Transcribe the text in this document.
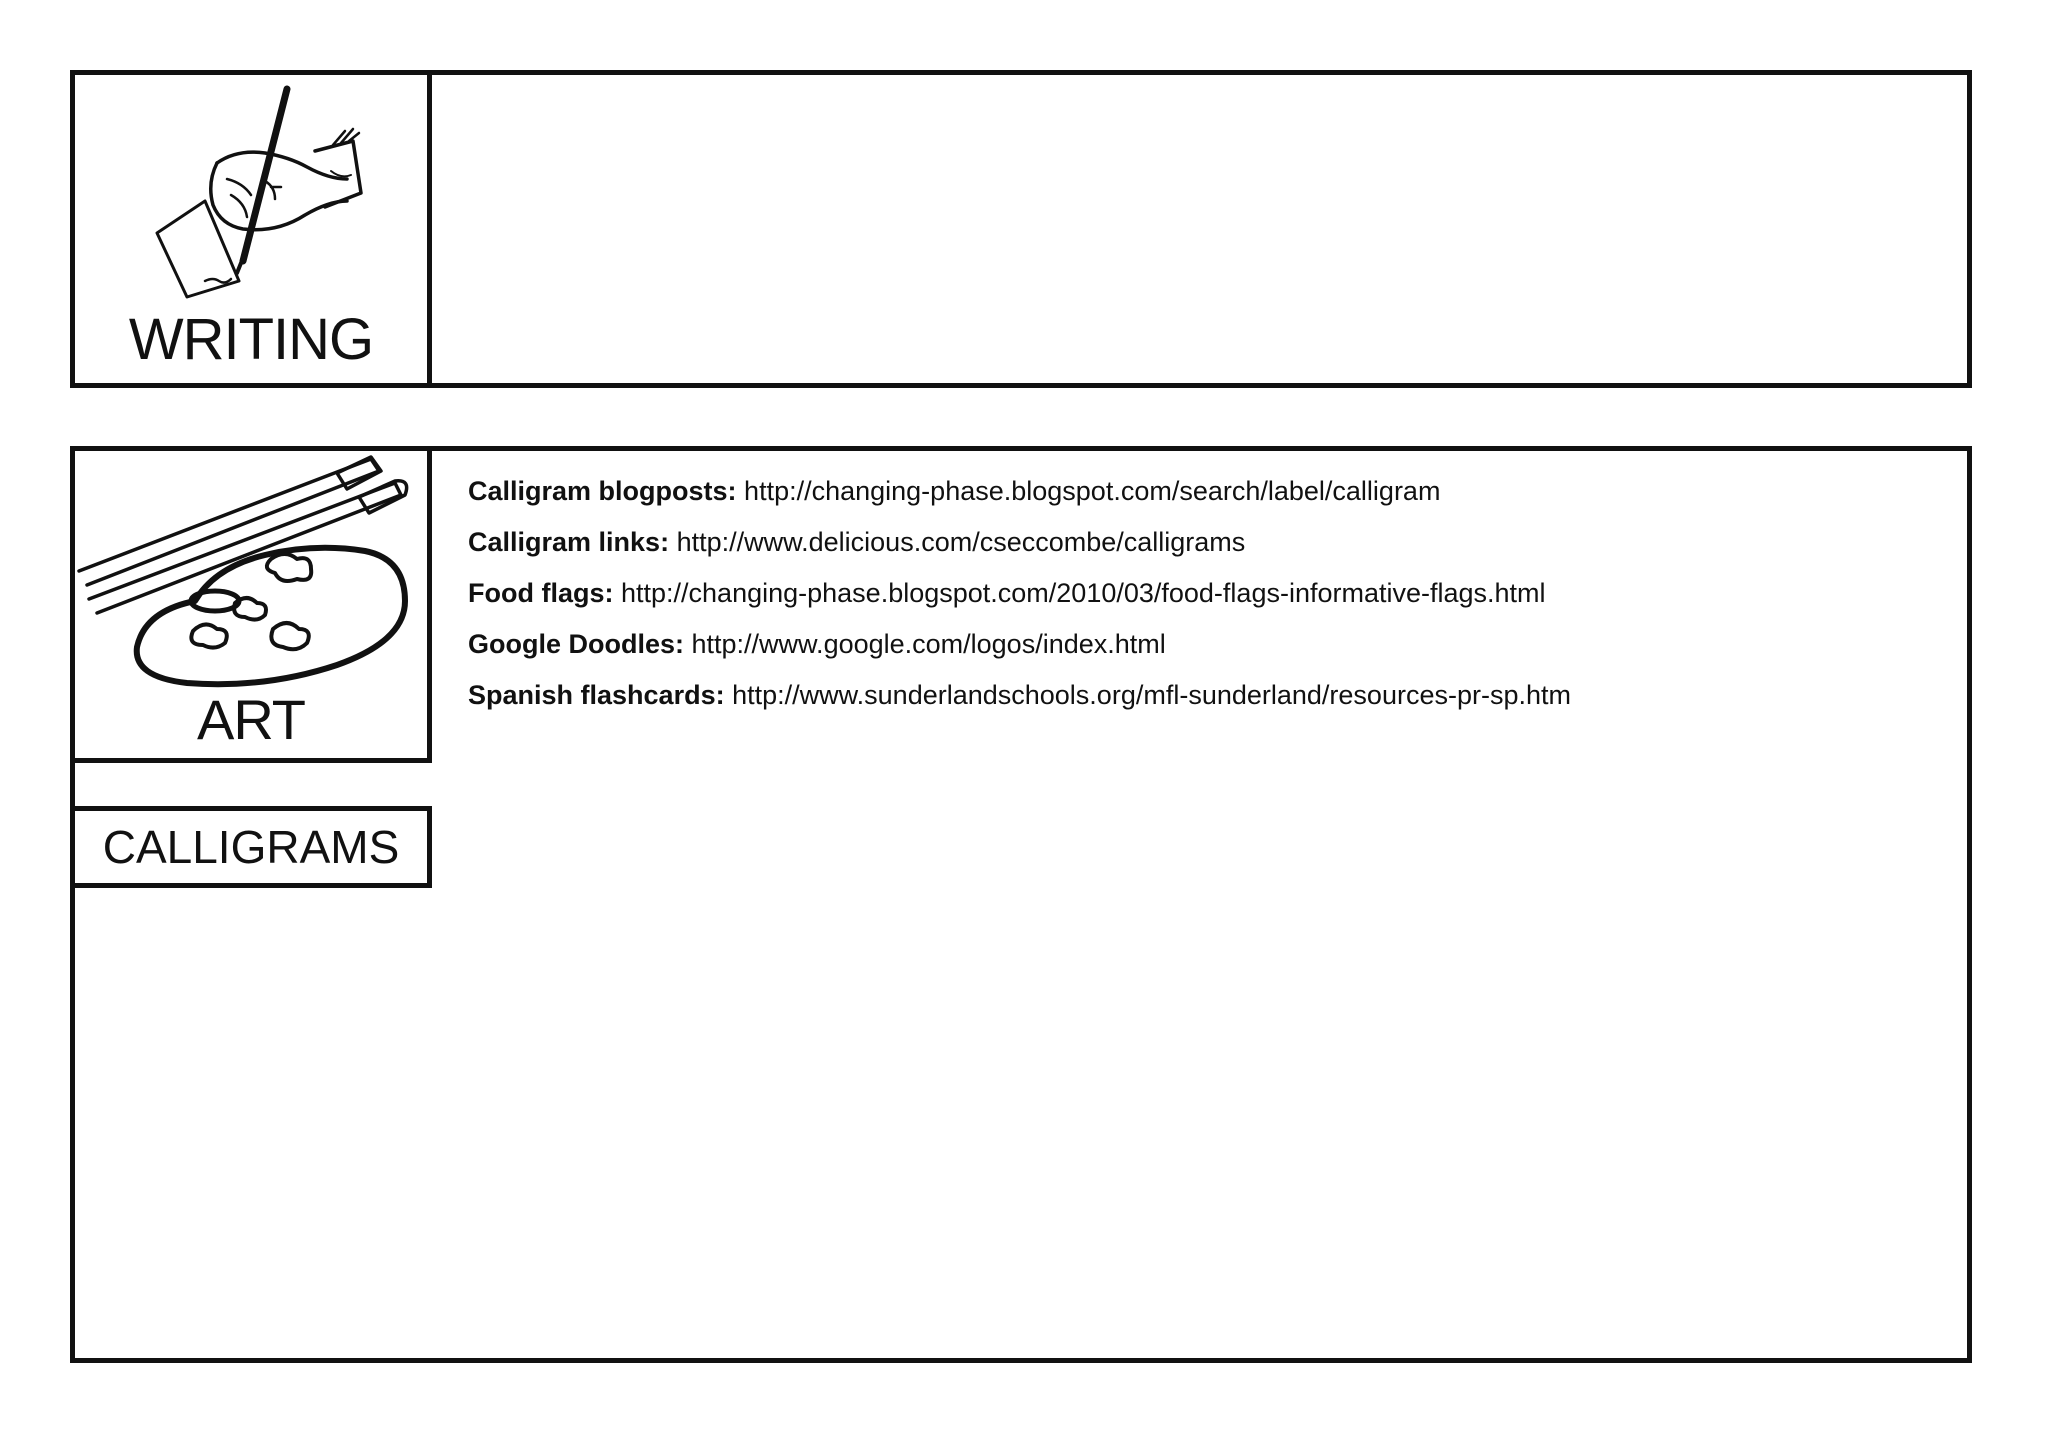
WRITING
ART
CALLIGRAMS
Calligram blogposts: http://changing-phase.blogspot.com/search/label/calligram
Calligram links: http://www.delicious.com/cseccombe/calligrams
Food flags: http://changing-phase.blogspot.com/2010/03/food-flags-informative-flags.html
Google Doodles: http://www.google.com/logos/index.html
Spanish flashcards: http://www.sunderlandschools.org/mfl-sunderland/resources-pr-sp.htm
